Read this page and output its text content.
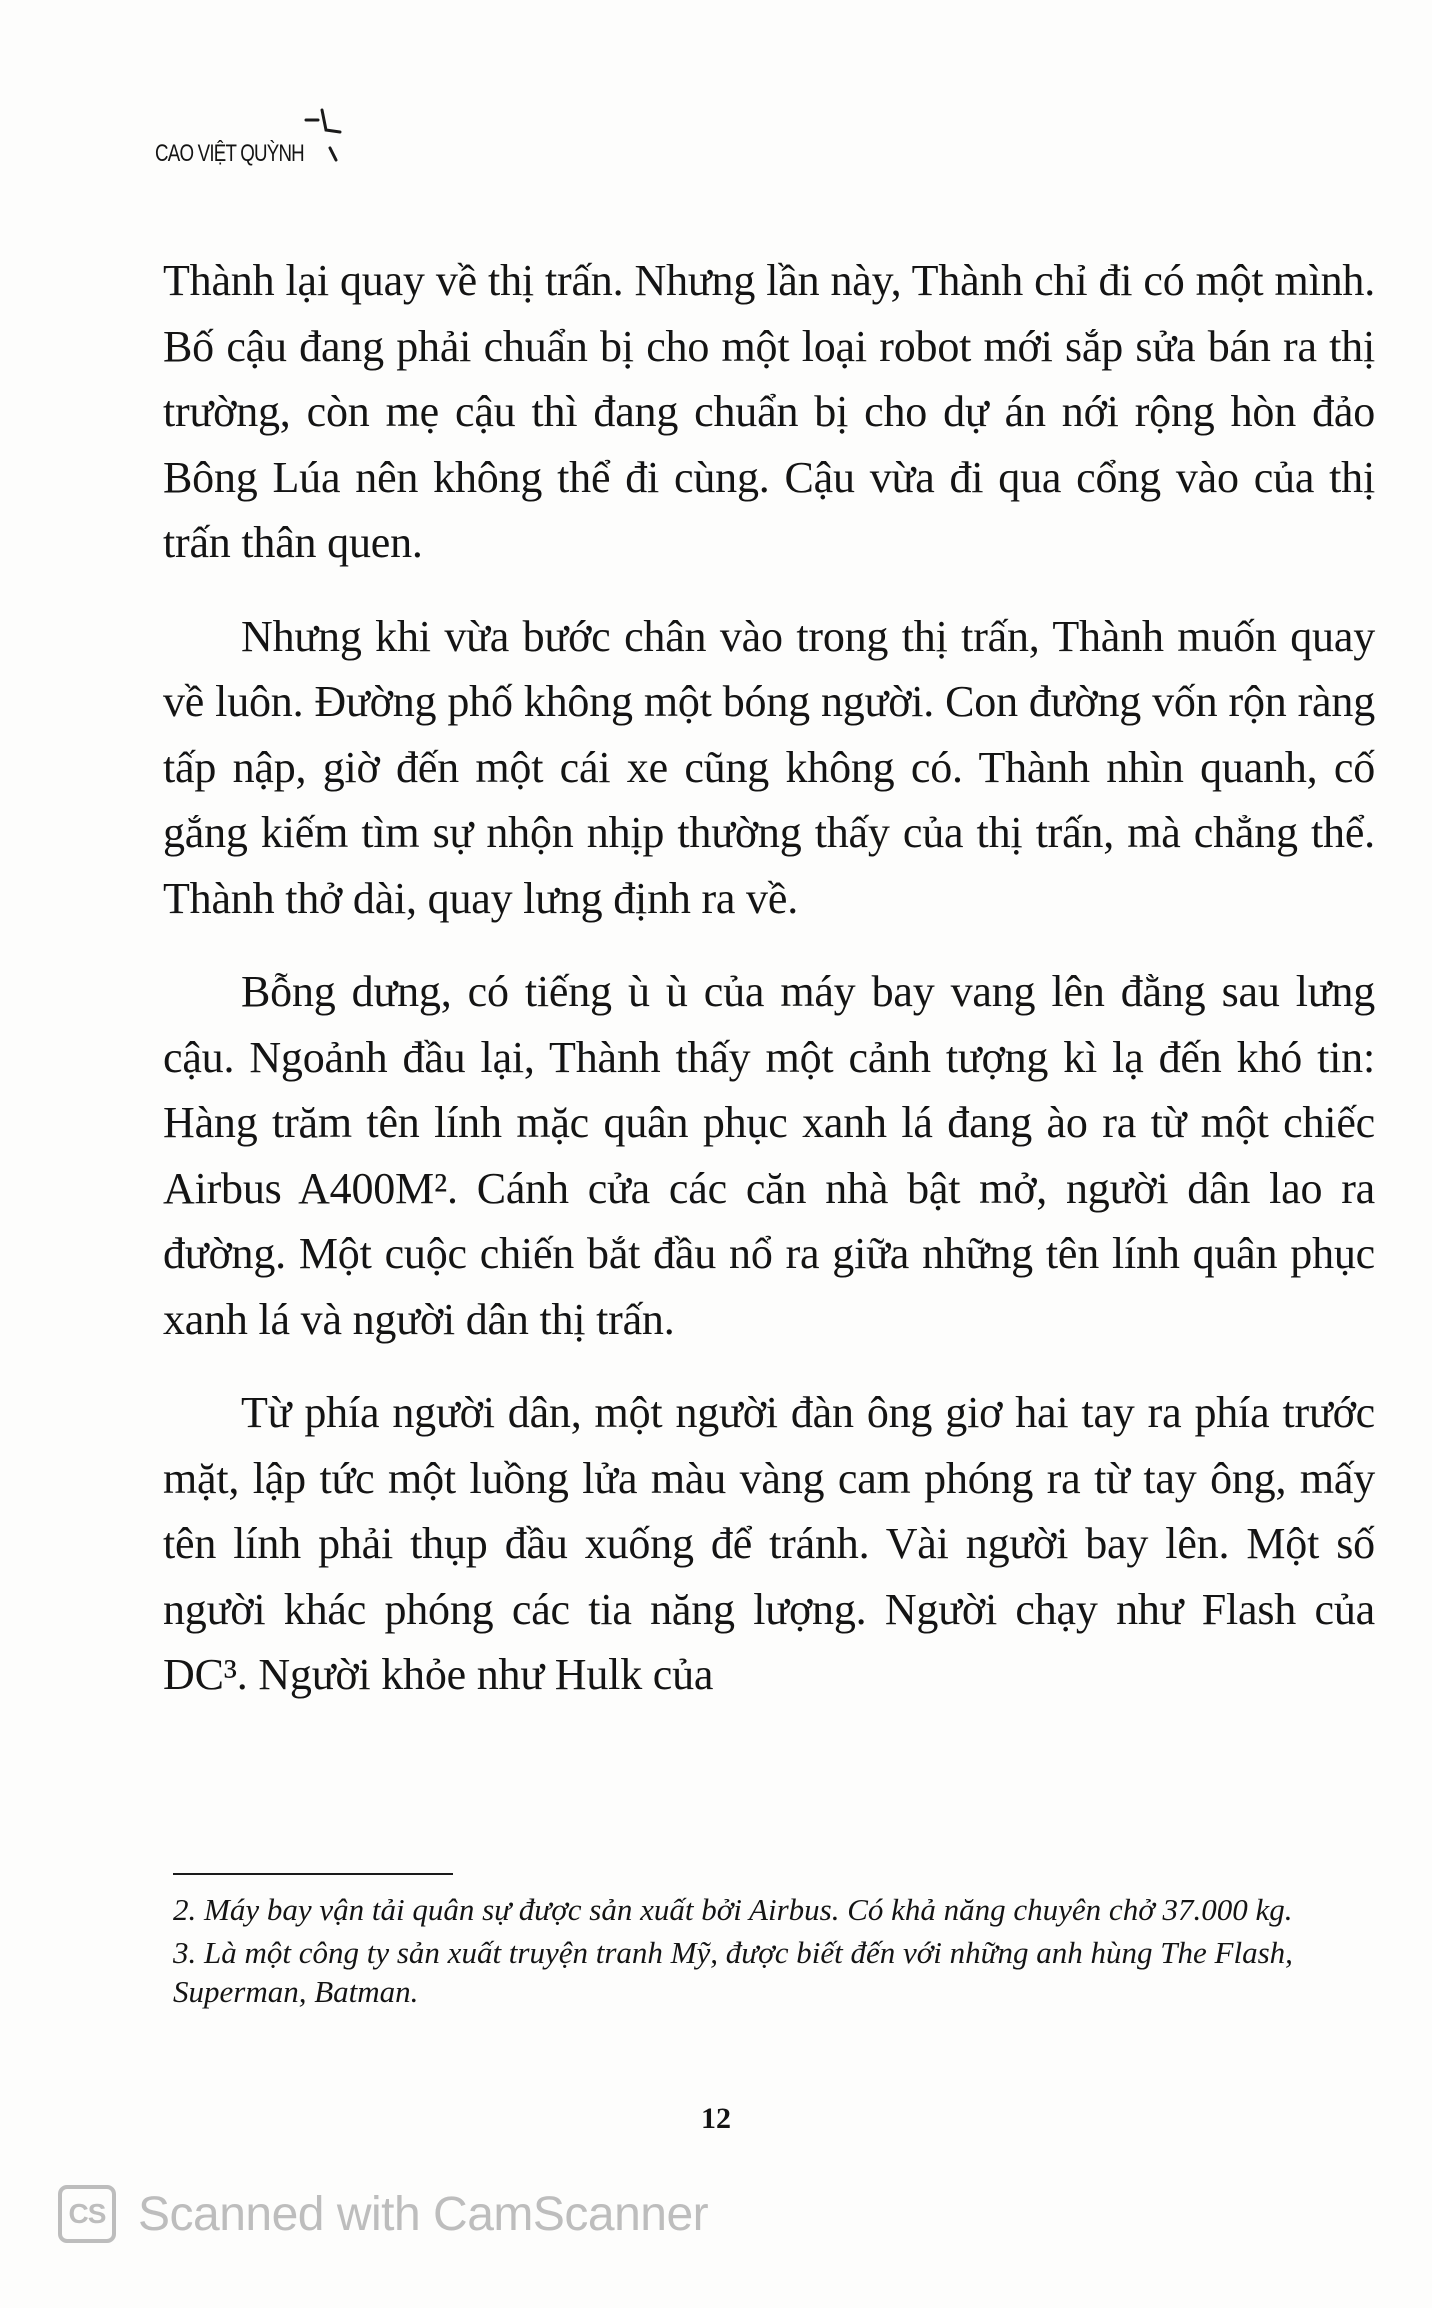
CAO VIỆT QUỲNH

Thành lại quay về thị trấn. Nhưng lần này, Thành chỉ đi có một mình. Bố cậu đang phải chuẩn bị cho một loại robot mới sắp sửa bán ra thị trường, còn mẹ cậu thì đang chuẩn bị cho dự án nới rộng hòn đảo Bông Lúa nên không thể đi cùng. Cậu vừa đi qua cổng vào của thị trấn thân quen.

Nhưng khi vừa bước chân vào trong thị trấn, Thành muốn quay về luôn. Đường phố không một bóng người. Con đường vốn rộn ràng tấp nập, giờ đến một cái xe cũng không có. Thành nhìn quanh, cố gắng kiếm tìm sự nhộn nhịp thường thấy của thị trấn, mà chẳng thể. Thành thở dài, quay lưng định ra về.

Bỗng dưng, có tiếng ù ù của máy bay vang lên đằng sau lưng cậu. Ngoảnh đầu lại, Thành thấy một cảnh tượng kì lạ đến khó tin: Hàng trăm tên lính mặc quân phục xanh lá đang ào ra từ một chiếc Airbus A400M². Cánh cửa các căn nhà bật mở, người dân lao ra đường. Một cuộc chiến bắt đầu nổ ra giữa những tên lính quân phục xanh lá và người dân thị trấn.

Từ phía người dân, một người đàn ông giơ hai tay ra phía trước mặt, lập tức một luồng lửa màu vàng cam phóng ra từ tay ông, mấy tên lính phải thụp đầu xuống để tránh. Vài người bay lên. Một số người khác phóng các tia năng lượng. Người chạy như Flash của DC³. Người khỏe như Hulk của

2. Máy bay vận tải quân sự được sản xuất bởi Airbus. Có khả năng chuyên chở 37.000 kg.

3. Là một công ty sản xuất truyện tranh Mỹ, được biết đến với những anh hùng The Flash, Superman, Batman.

12
CS Scanned with CamScanner
